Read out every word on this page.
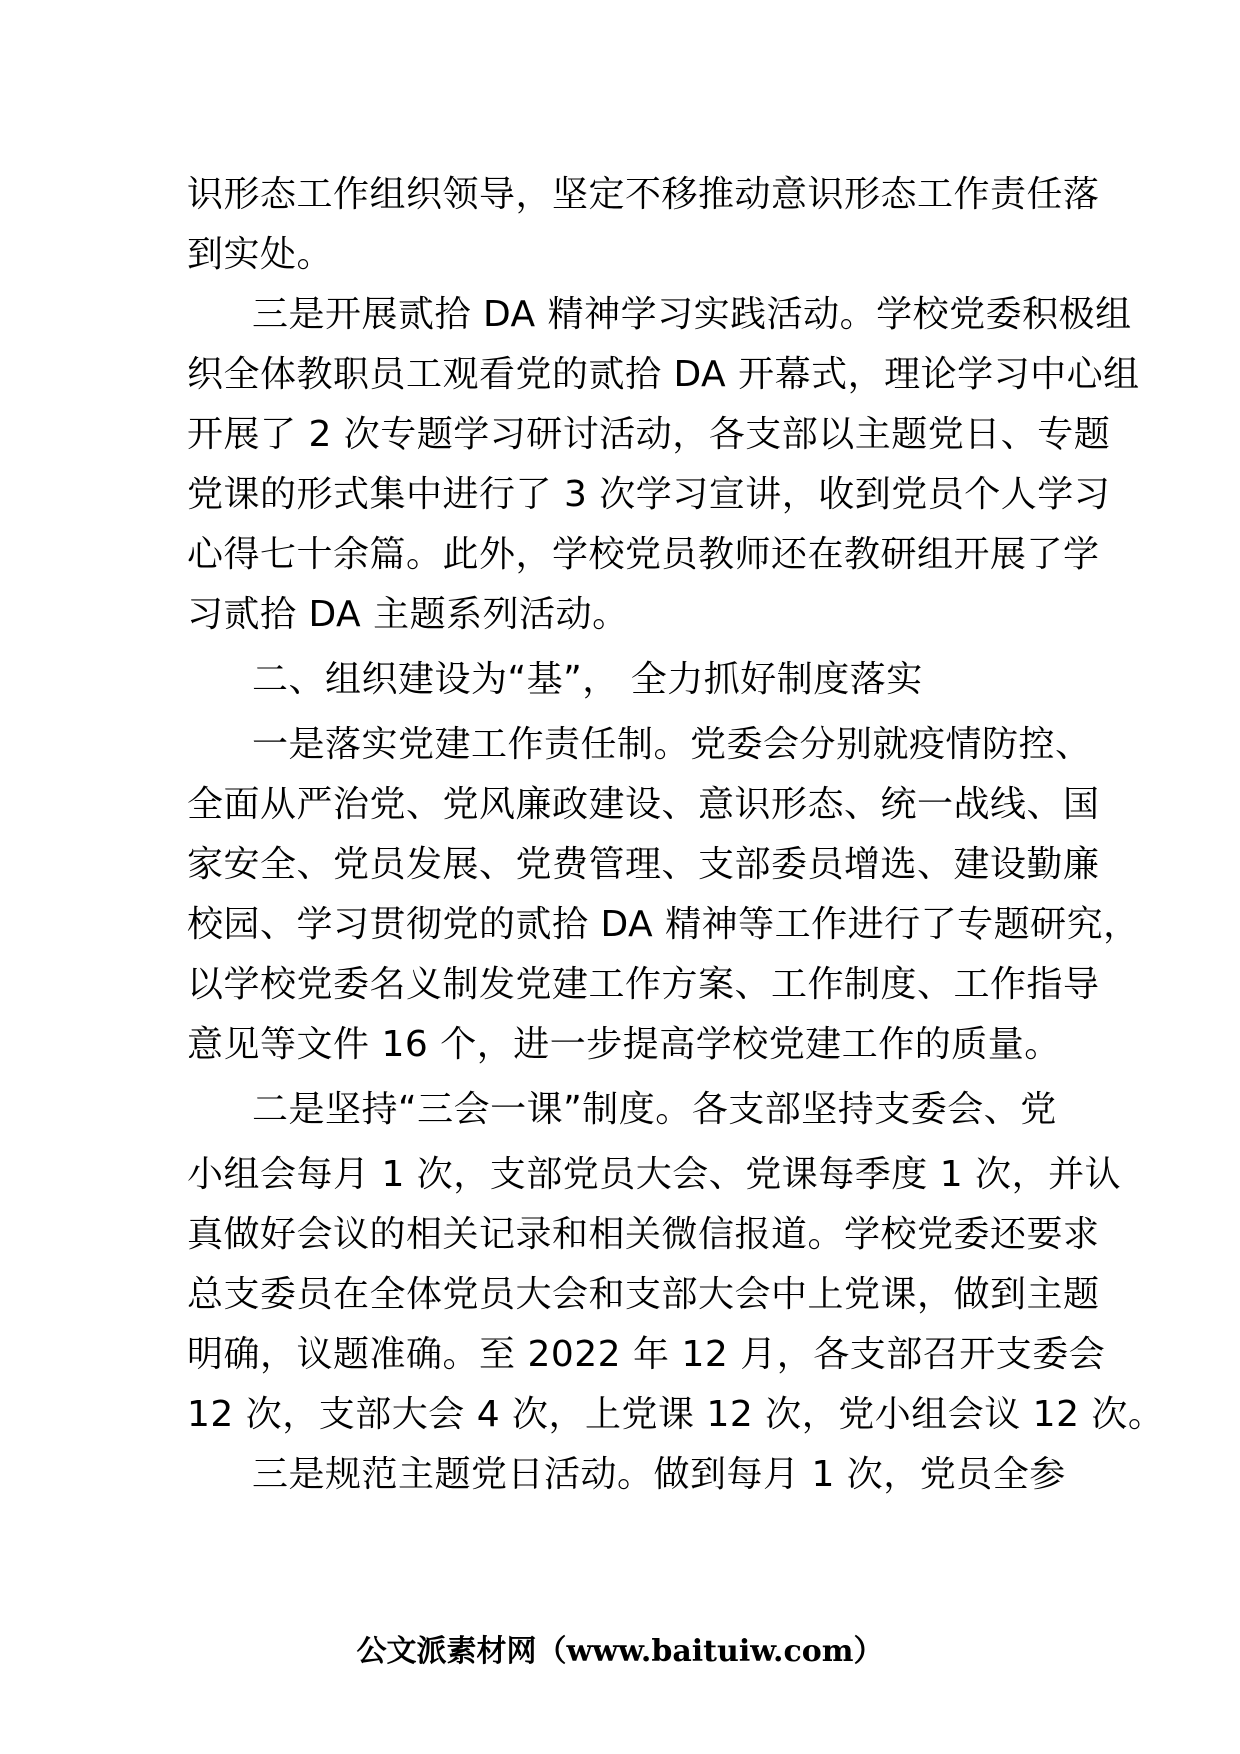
识形态工作组织领导，坚定不移推动意识形态工作责任落
到实处。
三是开展贰拾 DA 精神学习实践活动。学校党委积极组
织全体教职员工观看党的贰拾 DA 开幕式，理论学习中心组
开展了 2 次专题学习研讨活动，各支部以主题党日、专题
党课的形式集中进行了 3 次学习宣讲，收到党员个人学习
心得七十余篇。此外，学校党员教师还在教研组开展了学
习贰拾 DA 主题系列活动。
二、组织建设为“基”， 全力抓好制度落实
一是落实党建工作责任制。党委会分别就疫情防控、
全面从严治党、党风廉政建设、意识形态、统一战线、国
家安全、党员发展、党费管理、支部委员增选、建设勤廉
校园、学习贯彻党的贰拾 DA 精神等工作进行了专题研究，
以学校党委名义制发党建工作方案、工作制度、工作指导
意见等文件 16 个，进一步提高学校党建工作的质量。
二是坚持“三会一课”制度。各支部坚持支委会、党
小组会每月 1 次，支部党员大会、党课每季度 1 次，并认
真做好会议的相关记录和相关微信报道。学校党委还要求
总支委员在全体党员大会和支部大会中上党课，做到主题
明确，议题准确。至 2022 年 12 月，各支部召开支委会
12 次，支部大会 4 次，上党课 12 次，党小组会议 12 次。
三是规范主题党日活动。做到每月 1 次，党员全参
公文派素材网（www.baituiw.com）
